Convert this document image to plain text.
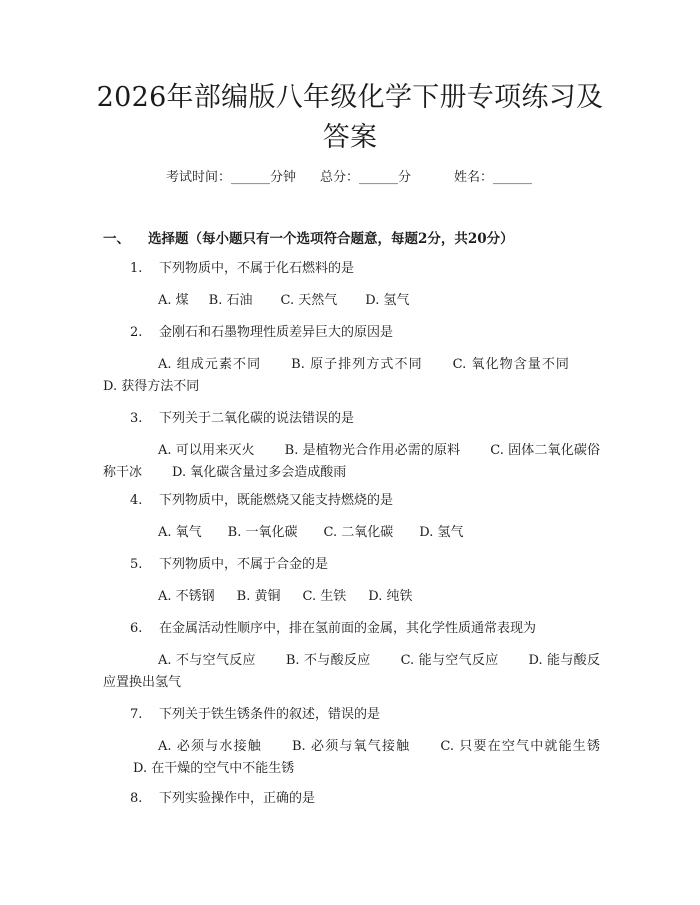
2026年部编版八年级化学下册专项练习及答案
考试时间：______分钟 总分：______分	姓名：______
一、 选择题（每小题只有一个选项符合题意，每题2分，共20分）
1. 下列物质中，不属于化石燃料的是
A. 煤 B. 石油 C. 天然气 D. 氢气
2. 金刚石和石墨物理性质差异巨大的原因是
A. 组成元素不同 B. 原子排列方式不同 C. 氧化物含量不同D. 获得方法不同
3. 下列关于二氧化碳的说法错误的是
A. 可以用来灭火 B. 是植物光合作用必需的原料 C. 固体二氧化碳俗称干冰 D. 氧化碳含量过多会造成酸雨
4. 下列物质中，既能燃烧又能支持燃烧的是
A. 氧气 B. 一氧化碳 C. 二氧化碳 D. 氢气
5. 下列物质中，不属于合金的是
A. 不锈钢 B. 黄铜 C. 生铁 D. 纯铁
6. 在金属活动性顺序中，排在氢前面的金属，其化学性质通常表现为
A. 不与空气反应 B. 不与酸反应 C. 能与空气反应 D. 能与酸反应置换出氢气
7. 下列关于铁生锈条件的叙述，错误的是
A. 必须与水接触 B. 必须与氧气接触 C. 只要在空气中就能生锈D. 在干燥的空气中不能生锈
8. 下列实验操作中，正确的是
